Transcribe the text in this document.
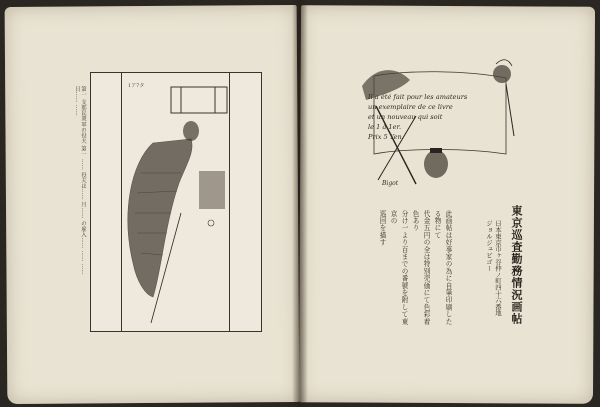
第一 支那民衆軍の役夫 第一 …… 役夫は…… 月…… の雇入…… …… …… 日…… ……	1ア7タ
Il a été fait pour les amateurs
un exemplaire de ce livre
et un nouveau qui soit
le 1 à 1er.
Prix 5 Yen.
Bigot
東京巡査勤務情況画帖
日本東京市ヶ谷仲ノ町四十六番地
ジョルジュビゴー
此画帖は好事家の為に自筆印刷したる物にて
代金五円の全は特別売価にて色彩着色あり
分け一より百までの番號を附して東京の
巡回を描す
